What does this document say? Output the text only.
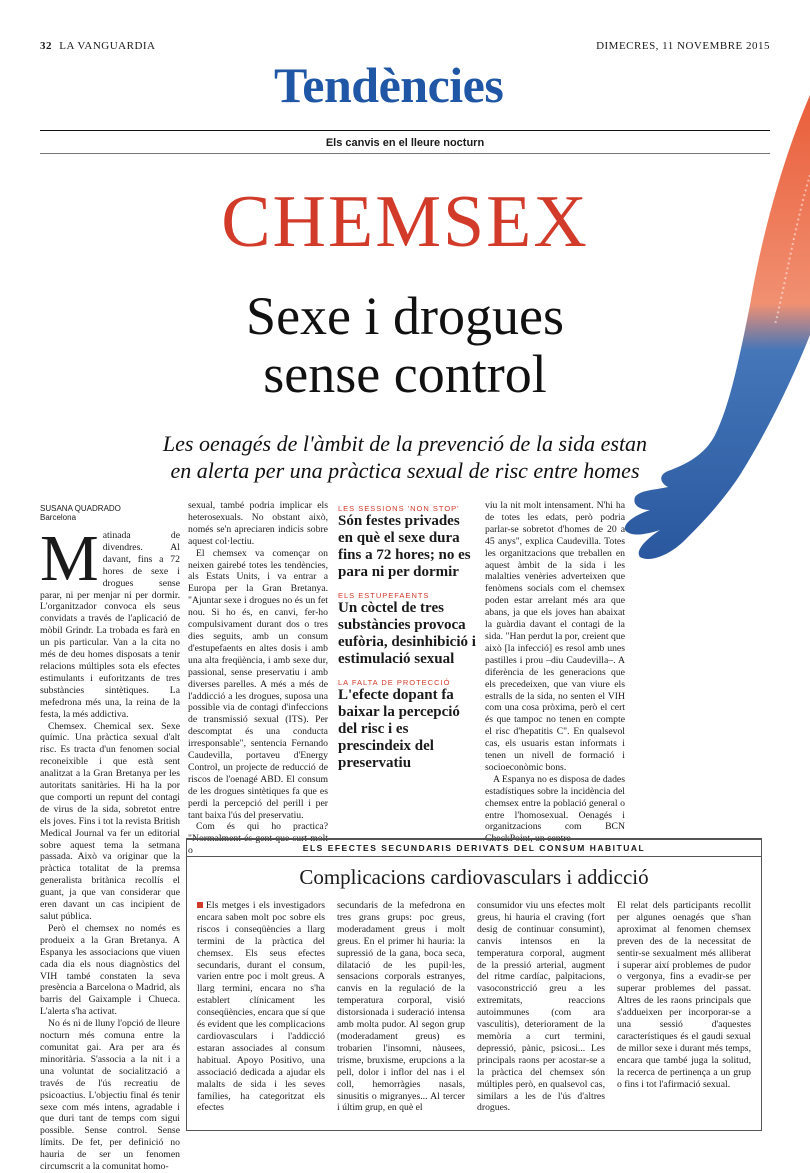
32 LA VANGUARDIA	DIMECRES, 11 NOVEMBRE 2015
Tendències
Els canvis en el lleure nocturn
CHEMSEX
Sexe i drogues
sense control
Les oenagés de l'àmbit de la prevenció de la sida estan
en alerta per una pràctica sexual de risc entre homes
SUSANA QUADRADO
Barcelona
M atinada de divendres. Al davant, fins a 72 hores de sexe i drogues sense parar, ni per menjar ni per dormir. L'organitzador convoca els seus convidats a través de l'aplicació de mòbil Grindr. La trobada es farà en un pis particular. Van a la cita no més de deu homes disposats a tenir relacions múltiples sota els efectes estimulants i euforitzants de tres substàncies sintètiques. La mefedrona més una, la reina de la festa, la més addictiva.

Chemsex. Chemical sex. Sexe químic. Una pràctica sexual d'alt risc. Es tracta d'un fenomen social reconeixible i que està sent analitzat a la Gran Bretanya per les autoritats sanitàries. Hi ha la por que comporti un repunt del contagi de virus de la sida, sobretot entre els joves. Fins i tot la revista British Medical Journal va fer un editorial sobre aquest tema la setmana passada. Això va originar que la pràctica totalitat de la premsa generalista britànica recollís el guant, ja que van considerar que eren davant un cas incipient de salut pública.

Però el chemsex no només es produeix a la Gran Bretanya. A Espanya les associacions que viuen cada dia els nous diagnòstics del VIH també constaten la seva presència a Barcelona o Madrid, als barris del Gaixample i Chueca. L'alerta s'ha activat.

No és ni de lluny l'opció de lleure nocturn més comuna entre la comunitat gai. Ara per ara és minoritària. S'associa a la nit i a una voluntat de socialització a través de l'ús recreatiu de psicoactius. L'objectiu final és tenir sexe com més intens, agradable i que duri tant de temps com sigui possible. Sense control. Sense límits. De fet, per definició no hauria de ser un fenomen circumscrit a la comunitat homo-

sexual, també podria implicar els heterosexuals. No obstant això, només se'n apreciaren indicis sobre aquest col·lectiu.

El chemsex va començar on neixen gairebé totes les tendències, als Estats Units, i va entrar a Europa per la Gran Bretanya. "Ajuntar sexe i drogues no és un fet nou. Si ho és, en canvi, fer-ho compulsivament durant dos o tres dies seguits, amb un consum d'estupefaents en altes dosis i amb una alta freqüència, i amb sexe dur, passional, sense preservatiu i amb diverses parelles. A més a més de l'addicció a les drogues, suposa una possible via de contagi d'infeccions de transmissió sexual (ITS). Per descomptat és una conducta irresponsable", sentencia Fernando Caudevilla, portaveu d'Energy Control, un projecte de reducció de riscos de l'oenagé ABD. El consum de les drogues sintètiques fa que es perdi la percepció del perill i per tant baixa l'ús del preservatiu.

Com és qui ho practica? "Normalment és gent que surt molt o

LES SESSIONS 'NON STOP'
Són festes privades en què el sexe dura fins a 72 hores; no es para ni per dormir
ELS ESTUPEFAENTS
Un còctel de tres substàncies provoca eufòria, desinhibició i estimulació sexual
LA FALTA DE PROTECCIÓ
L'efecte dopant fa baixar la percepció del risc i es prescindeix del preservatiu

viu la nit molt intensament. N'hi ha de totes les edats, però podria parlar-se sobretot d'homes de 20 a 45 anys", explica Caudevilla. Totes les organitzacions que treballen en aquest àmbit de la sida i les malalties venèries adverteixen que fenòmens socials com el chemsex poden estar arrelant més ara que abans, ja que els joves han abaixat la guàrdia davant el contagi de la sida. "Han perdut la por, creient que això [la infecció] es resol amb unes pastilles i prou –diu Caudevilla–. A diferència de les generacions que els precedeixen, que van viure els estralls de la sida, no senten el VIH com una cosa pròxima, però el cert és que tampoc no tenen en compte el risc d'hepatitis C". En qualsevol cas, els usuaris estan informats i tenen un nivell de formació i socioeconòmic bons.

A Espanya no es disposa de dades estadístiques sobre la incidència del chemsex entre la població general o entre l'homosexual. Oenagés i organitzacions com BCN CheckPoint, un centre

ELS EFECTES SECUNDARIS DERIVATS DEL CONSUM HABITUAL
Complicacions cardiovasculars i addicció

Els metges i els investigadors encara saben molt poc sobre els riscos i conseqüències a llarg termini de la pràctica del chemsex. Els seus efectes secundaris, durant el consum, varien entre poc i molt greus. A llarg termini, encara no s'ha establert clínicament les conseqüències, encara que sí que és evident que les complicacions cardiovasculars i l'addicció estaran associades al consum habitual. Apoyo Positivo, una associació dedicada a ajudar els malalts de sida i les seves famílies, ha categoritzat els efectes

secundaris de la mefedrona en tres grans grups: poc greus, moderadament greus i molt greus. En el primer hi hauria: la supressió de la gana, boca seca, dilatació de les pupil·les, sensacions corporals estranyes, canvis en la regulació de la temperatura corporal, visió distorsionada i suderació intensa amb molta pudor. Al segon grup (moderadament greus) es trobarien l'insomni, nàusees, trisme, bruxisme, erupcions a la pell, dolor i inflor del nas i el coll, hemorràgies nasals, sinusitis o migranyes... Al tercer i últim grup, en què el

consumidor viu uns efectes molt greus, hi hauria el craving (fort desig de continuar consumint), canvis intensos en la temperatura corporal, augment de la pressió arterial, augment del ritme cardíac, palpitacions, vasoconstricció greu a les extremitats, reaccions autoimmunes (com ara vasculitis), deteriorament de la memòria a curt termini, depressió, pànic, psicosi... Les principals raons per acostar-se a la pràctica del chemsex són múltiples però, en qualsevol cas, similars a les de l'ús d'altres drogues.

El relat dels participants recollit per algunes oenagés que s'han aproximat al fenomen chemsex preven des de la necessitat de sentir-se sexualment més alliberat i superar així problemes de pudor o vergonya, fins a evadir-se per superar problemes del passat. Altres de les raons principals que s'addueixen per incorporar-se a una sessió d'aquestes característiques és el gaudi sexual de millor sexe i durant més temps, encara que també juga la solitud, la recerca de pertinença a un grup o fins i tot l'afirmació sexual.
